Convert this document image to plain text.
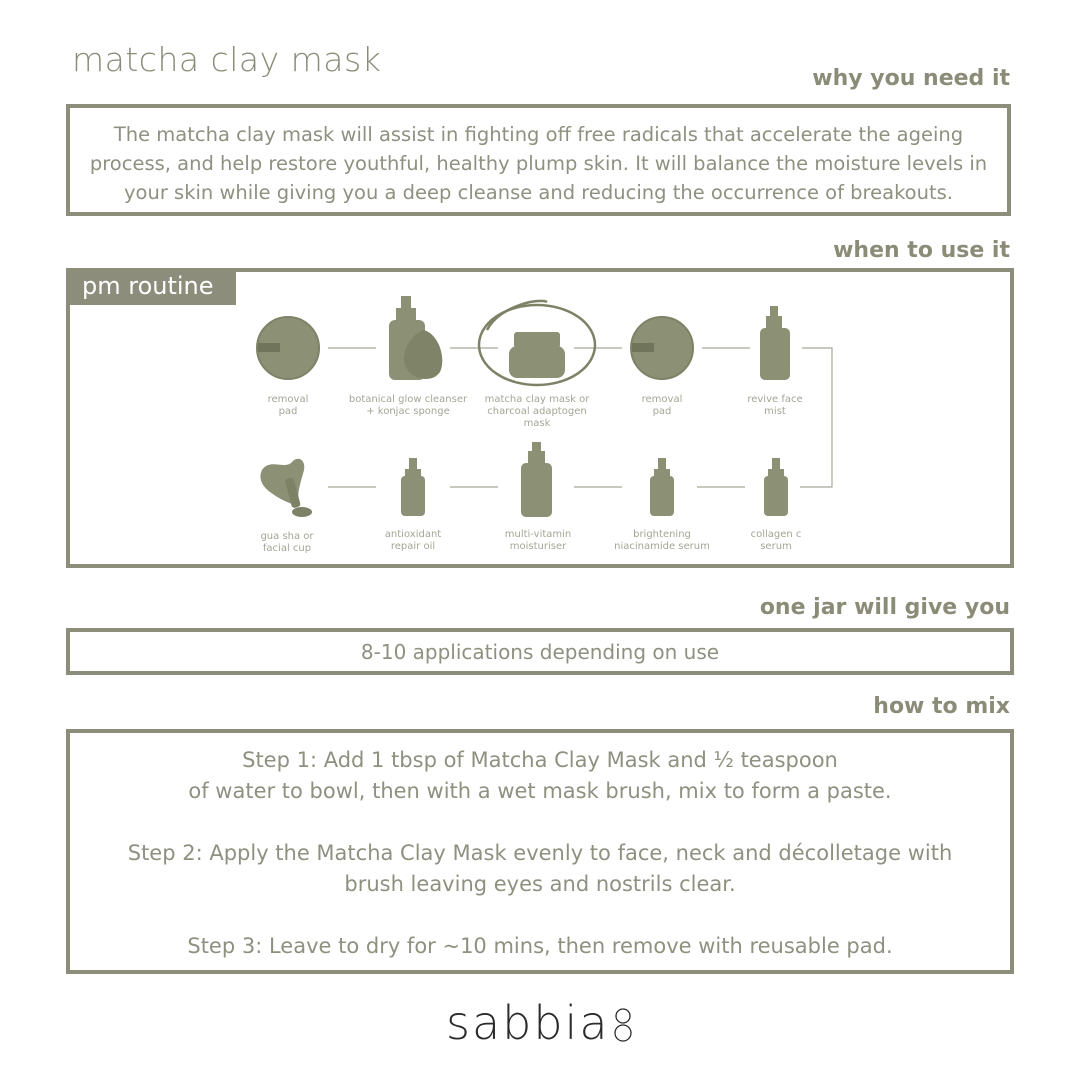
matcha clay mask	why you need it
The matcha clay mask will assist in fighting off free radicals that accelerate the ageing process, and help restore youthful, healthy plump skin. It will balance the moisture levels in your skin while giving you a deep cleanse and reducing the occurrence of breakouts.
when to use it
pm routine
removal
pad
botanical glow cleanser
+ konjac sponge
matcha clay mask or
charcoal adaptogen mask
removal
pad
revive face
mist
gua sha or
facial cup
antioxidant
repair oil
multi-vitamin
moisturiser
brightening
niacinamide serum
collagen c
serum
one jar will give you
8-10 applications depending on use
how to mix

Step 1: Add 1 tbsp of Matcha Clay Mask and ½ teaspoon
of water to bowl, then with a wet mask brush, mix to form a paste.

Step 2: Apply the Matcha Clay Mask evenly to face, neck and décolletage with
brush leaving eyes and nostrils clear.

Step 3: Leave to dry for ~10 mins, then remove with reusable pad.

sabbia
